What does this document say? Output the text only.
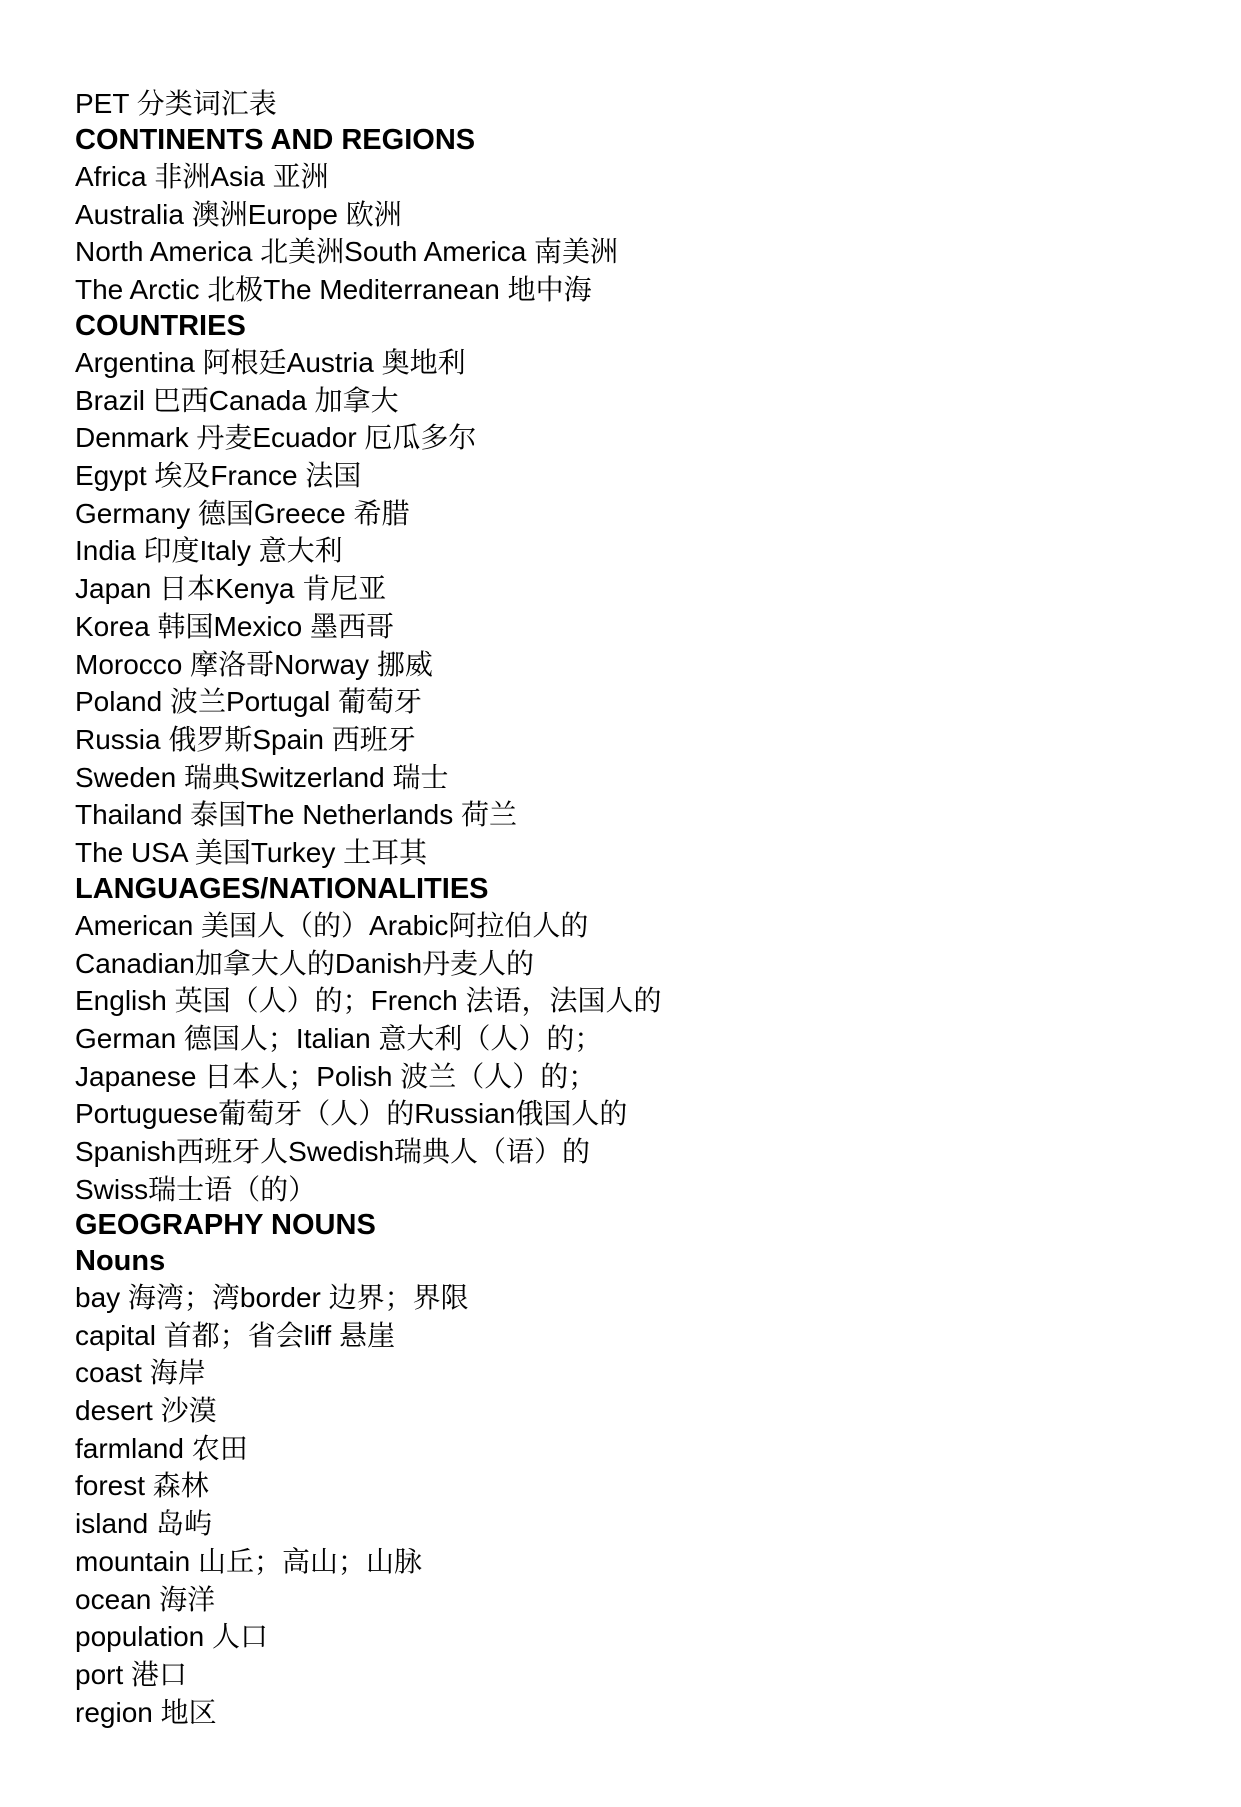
PET 分类词汇表
CONTINENTS AND REGIONS
Africa 非洲Asia 亚洲
Australia 澳洲Europe 欧洲
North America 北美洲South America 南美洲
The Arctic 北极The Mediterranean 地中海
COUNTRIES
Argentina 阿根廷Austria 奥地利
Brazil 巴西Canada 加拿大
Denmark 丹麦Ecuador 厄瓜多尔
Egypt 埃及France 法国
Germany 德国Greece 希腊
India 印度Italy 意大利
Japan 日本Kenya 肯尼亚
Korea 韩国Mexico 墨西哥
Morocco 摩洛哥Norway 挪威
Poland 波兰Portugal 葡萄牙
Russia 俄罗斯Spain 西班牙
Sweden 瑞典Switzerland 瑞士
Thailand 泰国The Netherlands 荷兰
The USA 美国Turkey 土耳其
LANGUAGES/NATIONALITIES
American 美国人（的）Arabic阿拉伯人的
Canadian加拿大人的Danish丹麦人的
English 英国（人）的；French 法语，法国人的
German 德国人；Italian 意大利（人）的；
Japanese 日本人；Polish 波兰（人）的；
Portuguese葡萄牙（人）的Russian俄国人的
Spanish西班牙人Swedish瑞典人（语）的
Swiss瑞士语（的）
GEOGRAPHY NOUNS
Nouns
bay 海湾；湾border 边界；界限
capital 首都；省会liff 悬崖
coast 海岸
desert 沙漠
farmland 农田
forest 森林
island 岛屿
mountain 山丘；高山；山脉
ocean 海洋
population 人口
port 港口
region 地区
